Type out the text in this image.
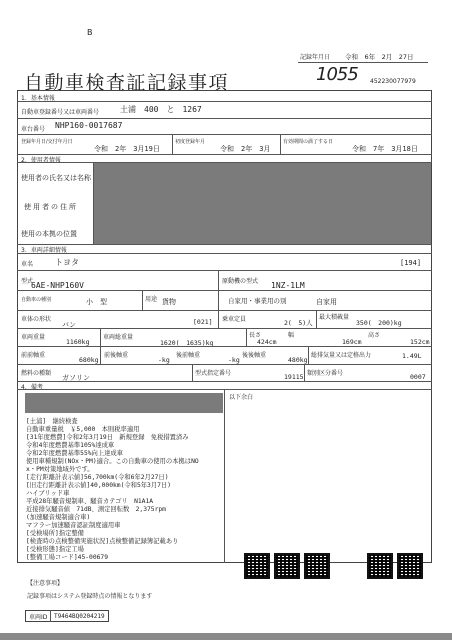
B
記録年月日 令和　6年　2月　27日
自動車検査証記録事項	1055 452230077979
1．基本情報
自動車登録番号又は車両番号	土浦　400　と　1267
車台番号 NHP160-0017687
登録年月日/交付年月日
令和　2年　3月19日
初度登録年月
令和　2年　3月
有効期間の満了する日
令和　7年　3月18日
2．使用者情報
使用者の氏名又は名称
使用者の住所
使用の本拠の位置
3．車両詳細情報
車名	トヨタ	[194]
型式
6AE-NHP160V	原動機の型式 1NZ-1LM
自動車の種別	小　型	用途 貨物	自家用・事業用の別	自家用
車体の形状
バン	[021] 乗車定員	2(　5)人
最大積載量
350(　200)kg
車両重量
1160kg
車両総重量
1620(　1635)kg
長さ
424cm
幅
169cm
高さ
152cm
前前軸重
680kg
前後軸重
-kg
後前軸重
-kg
後後軸重
480kg
総排気量又は定格出力	1.49L
燃料の種類
ガソリン
型式指定番号	19115 類別区分番号	0007
4．備考
以下余白
[土浦]　継続検査
自動車重量税　￥5,000　本則税率適用
[31年度燃費]令和2年3月19日　新規登録　免税措置済み
令和4年度燃費基準105%達成車
令和2年度燃費基準55%向上達成車
使用車種規制(NOx・PM)適合。この自動車の使用の本拠はNO
x・PM対策地域外です。
[走行距離計表示値]56,700km(令和6年2月27日)
[旧走行距離計表示値]40,000km(令和5年3月7日)
ハイブリッド車
平成28年騒音規制車、騒音カテゴリ　N1A1A
近接排気騒音値　71dB、測定回転数　2,375rpm
(加速騒音規制適合車)
マフラー加速騒音認証制度適用車
[受検場所]指定整備
[検査時の点検整備実施状況]点検整備記録簿記載あり
[受検形態]指定工場
[整備工場コード]45-00679
【注意事項】
記録事項はシステム登録時点の情報となります
車両ID T9464BQ0204219
